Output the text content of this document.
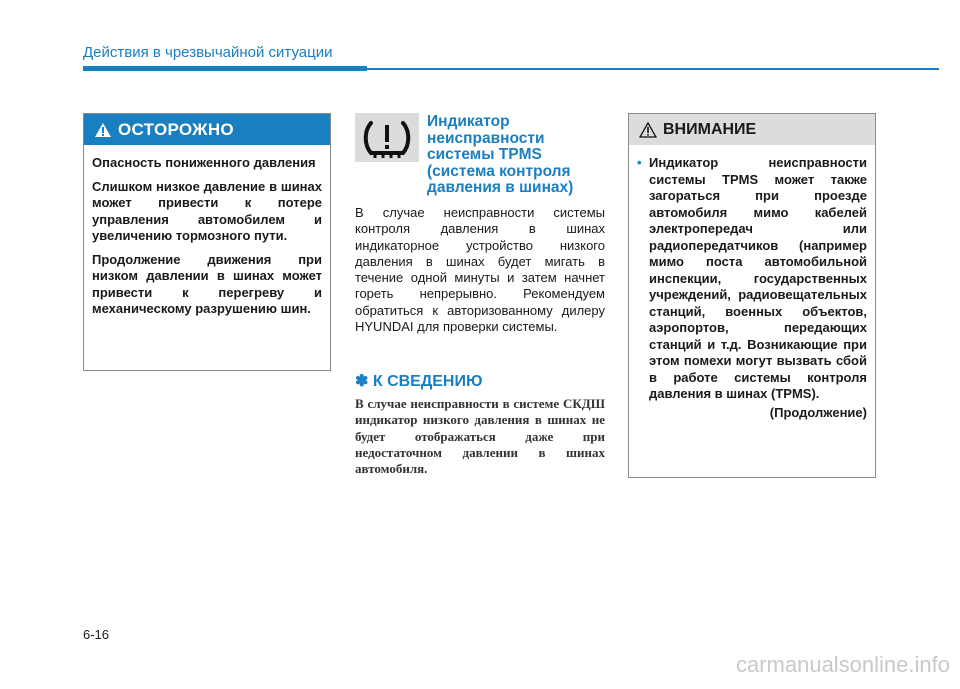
Действия в чрезвычайной ситуации
ОСТОРОЖНО

Опасность пониженного давления

Слишком низкое давление в шинах может привести к потере управления автомобилем и увеличению тормозного пути.

Продолжение движения при низком давлении в шинах может привести к перегреву и механическому разрушению шин.

Индикатор неисправности системы TPMS (система контроля давления в шинах)
В случае неисправности системы контроля давления в шинах индикаторное устройство низкого давления в шинах будет мигать в течение одной минуты и затем начнет гореть непрерывно. Рекомендуем обратиться к авторизованному дилеру HYUNDAI для проверки системы.
✽ К СВЕДЕНИЮ
В случае неисправности в системе СКДШ индикатор низкого давления в шинах не будет отображаться даже при недостаточном давлении в шинах автомобиля.
ВНИМАНИЕ
• Индикатор неисправности системы TPMS может также загораться при проезде автомобиля мимо кабелей электропередач или радиопередатчиков (например мимо поста автомобильной инспекции, государственных учреждений, радиовещательных станций, военных объектов, аэропортов, передающих станций и т.д. Возникающие при этом помехи могут вызвать сбой в работе системы контроля давления в шинах (TPMS).
(Продолжение)
6-16
carmanualsonline.info
